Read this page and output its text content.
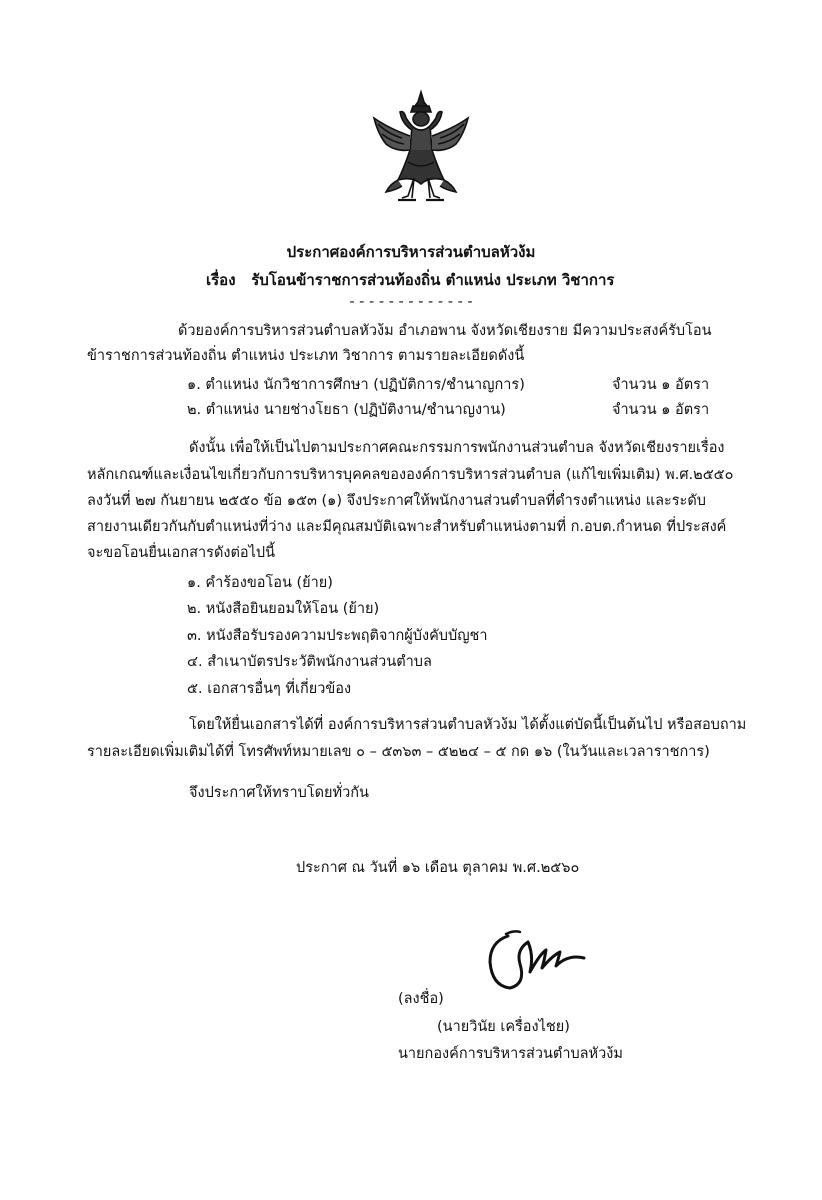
ประกาศองค์การบริหารส่วนตำบลหัวง้ม
เรื่อง รับโอนข้าราชการส่วนท้องถิ่น ตำแหน่ง ประเภท วิชาการ
- - - - - - - - - - - - -
ด้วยองค์การบริหารส่วนตำบลหัวง้ม อำเภอพาน จังหวัดเชียงราย มีความประสงค์รับโอน
ข้าราชการส่วนท้องถิ่น ตำแหน่ง ประเภท วิชาการ ตามรายละเอียดดังนี้
๑. ตำแหน่ง นักวิชาการศึกษา (ปฏิบัติการ/ชำนาญการ)	จำนวน ๑ อัตรา
๒. ตำแหน่ง นายช่างโยธา (ปฏิบัติงาน/ชำนาญงาน)	จำนวน ๑ อัตรา
ดังนั้น เพื่อให้เป็นไปตามประกาศคณะกรรมการพนักงานส่วนตำบล จังหวัดเชียงรายเรื่อง
หลักเกณฑ์และเงื่อนไขเกี่ยวกับการบริหารบุคคลขององค์การบริหารส่วนตำบล (แก้ไขเพิ่มเติม) พ.ศ.๒๕๕๐
ลงวันที่ ๒๗ กันยายน ๒๕๕๐ ข้อ ๑๕๓ (๑) จึงประกาศให้พนักงานส่วนตำบลที่ดำรงตำแหน่ง และระดับ
สายงานเดียวกันกับตำแหน่งที่ว่าง และมีคุณสมบัติเฉพาะสำหรับตำแหน่งตามที่ ก.อบต.กำหนด ที่ประสงค์
จะขอโอนยื่นเอกสารดังต่อไปนี้
๑. คำร้องขอโอน (ย้าย)
๒. หนังสือยินยอมให้โอน (ย้าย)
๓. หนังสือรับรองความประพฤติจากผู้บังคับบัญชา
๔. สำเนาบัตรประวัติพนักงานส่วนตำบล
๕. เอกสารอื่นๆ ที่เกี่ยวข้อง
โดยให้ยื่นเอกสารได้ที่ องค์การบริหารส่วนตำบลหัวง้ม ได้ตั้งแต่บัดนี้เป็นต้นไป หรือสอบถาม
รายละเอียดเพิ่มเติมได้ที่ โทรศัพท์หมายเลข ๐ – ๕๓๖๓ – ๕๒๒๔ – ๕ กด ๑๖ (ในวันและเวลาราชการ)
จึงประกาศให้ทราบโดยทั่วกัน
ประกาศ ณ วันที่ ๑๖ เดือน ตุลาคม พ.ศ.๒๕๖๐
(ลงชื่อ)
(นายวินัย เครื่องไชย)
นายกองค์การบริหารส่วนตำบลหัวง้ม
